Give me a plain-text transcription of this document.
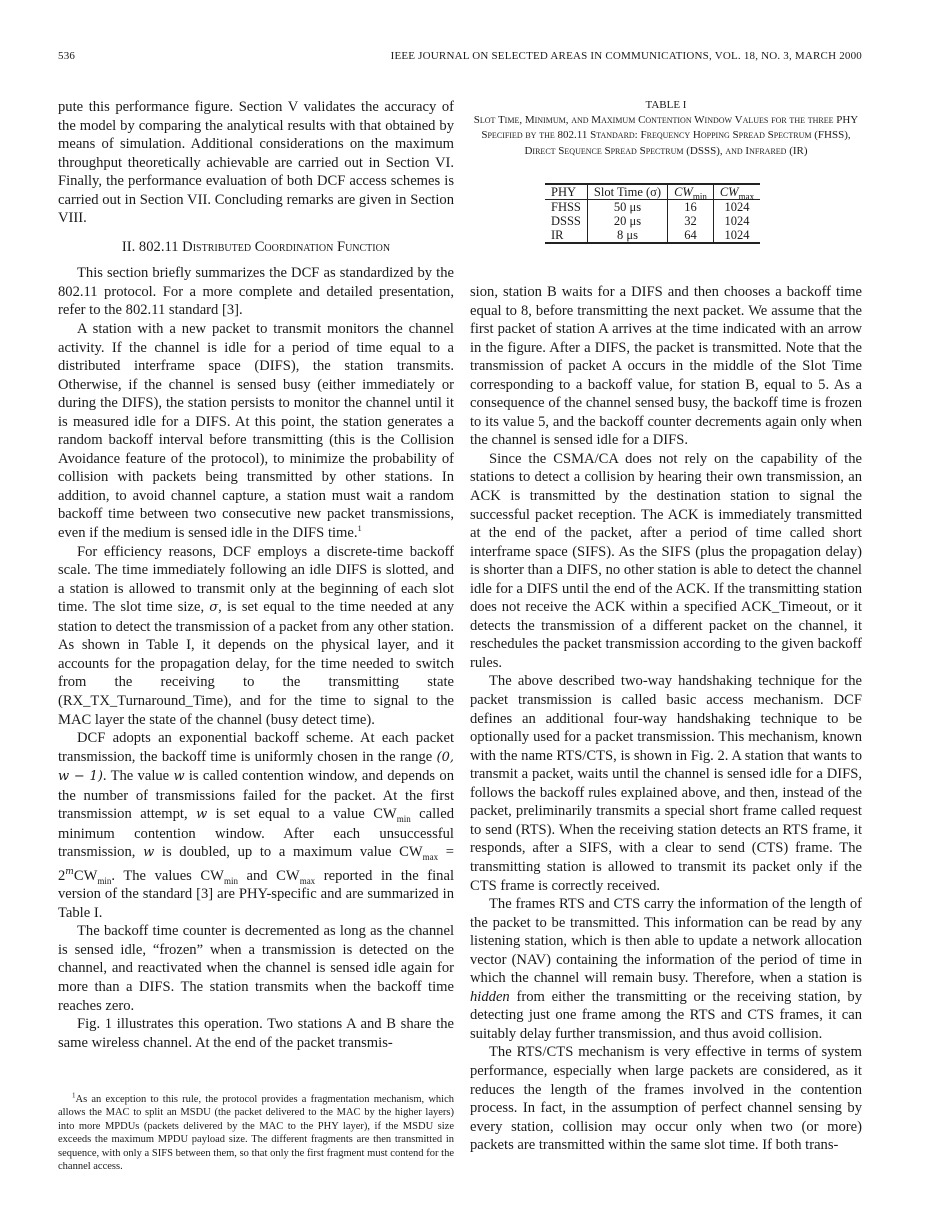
536	IEEE JOURNAL ON SELECTED AREAS IN COMMUNICATIONS, VOL. 18, NO. 3, MARCH 2000

pute this performance figure. Section V validates the accuracy of the model by comparing the analytical results with that obtained by means of simulation. Additional considerations on the maximum throughput theoretically achievable are carried out in Section VI. Finally, the performance evaluation of both DCF access schemes is carried out in Section VII. Concluding remarks are given in Section VIII.

II. 802.11 Distributed Coordination Function

This section briefly summarizes the DCF as standardized by the 802.11 protocol. For a more complete and detailed presentation, refer to the 802.11 standard [3].

A station with a new packet to transmit monitors the channel activity. If the channel is idle for a period of time equal to a distributed interframe space (DIFS), the station transmits. Otherwise, if the channel is sensed busy (either immediately or during the DIFS), the station persists to monitor the channel until it is measured idle for a DIFS. At this point, the station generates a random backoff interval before transmitting (this is the Collision Avoidance feature of the protocol), to minimize the probability of collision with packets being transmitted by other stations. In addition, to avoid channel capture, a station must wait a random backoff time between two consecutive new packet transmissions, even if the medium is sensed idle in the DIFS time.$^1$

For efficiency reasons, DCF employs a discrete-time backoff scale. The time immediately following an idle DIFS is slotted, and a station is allowed to transmit only at the beginning of each slot time. The slot time size, σ, is set equal to the time needed at any station to detect the transmission of a packet from any other station. As shown in Table I, it depends on the physical layer, and it accounts for the propagation delay, for the time needed to switch from the receiving to the transmitting state (RX_TX_Turnaround_Time), and for the time to signal to the MAC layer the state of the channel (busy detect time).

DCF adopts an exponential backoff scheme. At each packet transmission, the backoff time is uniformly chosen in the range (0, w − 1). The value w is called contention window, and depends on the number of transmissions failed for the packet. At the first transmission attempt, w is set equal to a value $CW_{min}$ called minimum contention window. After each unsuccessful transmission, w is doubled, up to a maximum value $CW_{max} = 2^mCW_{min}$. The values $CW_{min}$ and $CW_{max}$ reported in the final version of the standard [3] are PHY-specific and are summarized in Table I.

The backoff time counter is decremented as long as the channel is sensed idle, “frozen” when a transmission is detected on the channel, and reactivated when the channel is sensed idle again for more than a DIFS. The station transmits when the backoff time reaches zero.

Fig. 1 illustrates this operation. Two stations A and B share the same wireless channel. At the end of the packet transmis-

$^1$As an exception to this rule, the protocol provides a fragmentation mechanism, which allows the MAC to split an MSDU (the packet delivered to the MAC by the higher layers) into more MPDUs (packets delivered by the MAC to the PHY layer), if the MSDU size exceeds the maximum MPDU payload size. The different fragments are then transmitted in sequence, with only a SIFS between them, so that only the first fragment must contend for the channel access.

TABLE I
Slot Time, Minimum, and Maximum Contention Window Values for the three PHY Specified by the 802.11 Standard: Frequency Hopping Spread Spectrum (FHSS), Direct Sequence Spread Spectrum (DSSS), and Infrared (IR)
PHY	Slot Time (σ)	$CW_{min}$	$CW_{max}$
FHSS	50 μs	16	1024
DSSS	20 μs	32	1024
IR	8 μs	64	1024

sion, station B waits for a DIFS and then chooses a backoff time equal to 8, before transmitting the next packet. We assume that the first packet of station A arrives at the time indicated with an arrow in the figure. After a DIFS, the packet is transmitted. Note that the transmission of packet A occurs in the middle of the Slot Time corresponding to a backoff value, for station B, equal to 5. As a consequence of the channel sensed busy, the backoff time is frozen to its value 5, and the backoff counter decrements again only when the channel is sensed idle for a DIFS.

Since the CSMA/CA does not rely on the capability of the stations to detect a collision by hearing their own transmission, an ACK is transmitted by the destination station to signal the successful packet reception. The ACK is immediately transmitted at the end of the packet, after a period of time called short interframe space (SIFS). As the SIFS (plus the propagation delay) is shorter than a DIFS, no other station is able to detect the channel idle for a DIFS until the end of the ACK. If the transmitting station does not receive the ACK within a specified ACK_Timeout, or it detects the transmission of a different packet on the channel, it reschedules the packet transmission according to the given backoff rules.

The above described two-way handshaking technique for the packet transmission is called basic access mechanism. DCF defines an additional four-way handshaking technique to be optionally used for a packet transmission. This mechanism, known with the name RTS/CTS, is shown in Fig. 2. A station that wants to transmit a packet, waits until the channel is sensed idle for a DIFS, follows the backoff rules explained above, and then, instead of the packet, preliminarily transmits a special short frame called request to send (RTS). When the receiving station detects an RTS frame, it responds, after a SIFS, with a clear to send (CTS) frame. The transmitting station is allowed to transmit its packet only if the CTS frame is correctly received.

The frames RTS and CTS carry the information of the length of the packet to be transmitted. This information can be read by any listening station, which is then able to update a network allocation vector (NAV) containing the information of the period of time in which the channel will remain busy. Therefore, when a station is hidden from either the transmitting or the receiving station, by detecting just one frame among the RTS and CTS frames, it can suitably delay further transmission, and thus avoid collision.

The RTS/CTS mechanism is very effective in terms of system performance, especially when large packets are considered, as it reduces the length of the frames involved in the contention process. In fact, in the assumption of perfect channel sensing by every station, collision may occur only when two (or more) packets are transmitted within the same slot time. If both trans-
